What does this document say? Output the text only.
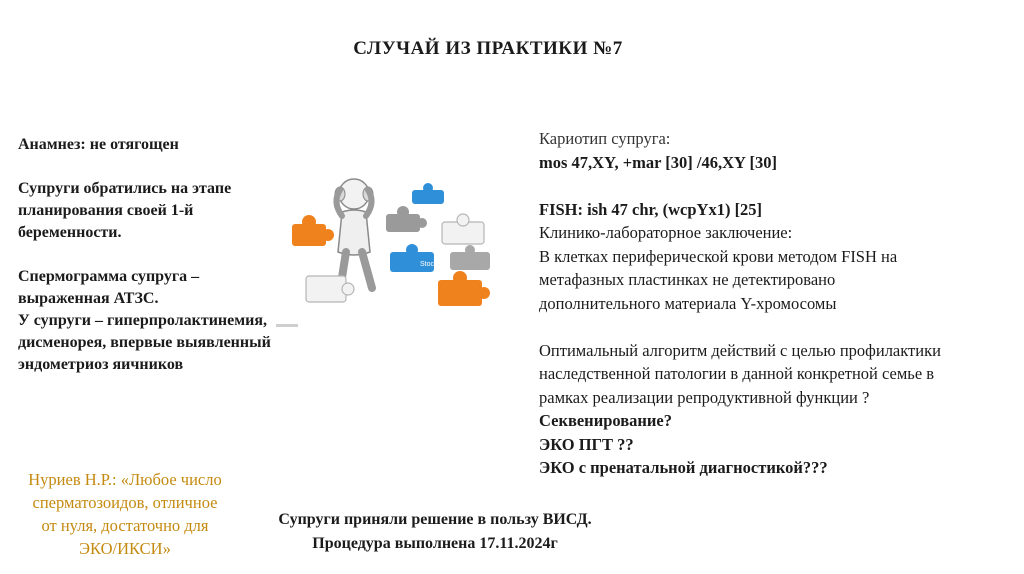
СЛУЧАЙ ИЗ ПРАКТИКИ №7

Анамнез: не отягощен

Супруги обратились на этапе

планирования своей 1-й

беременности.

Спермограмма супруга –

выраженная АТЗС.

У супруги – гиперпролактинемия,

дисменорея, впервые выявленный

эндометриоз яичников

Stock

Кариотип супруга:

mos 47,XY, +mar [30] /46,XY [30]

FISH: ish 47 chr, (wcpYx1) [25]

Клинико-лабораторное заключение:

В клетках периферической крови методом FISH на

метафазных пластинках не детектировано

дополнительного материала Y-хромосомы

Оптимальный алгоритм действий с целью профилактики

наследственной патологии в данной конкретной семье в

рамках реализации репродуктивной функции ?

Секвенирование?

ЭКО ПГТ ??

ЭКО с пренатальной диагностикой???

Нуриев Н.Р.: «Любое число
сперматозоидов, отличное
от нуля, достаточно для
ЭКО/ИКСИ»
Супруги приняли решение в пользу ВИСД.
Процедура выполнена 17.11.2024г
